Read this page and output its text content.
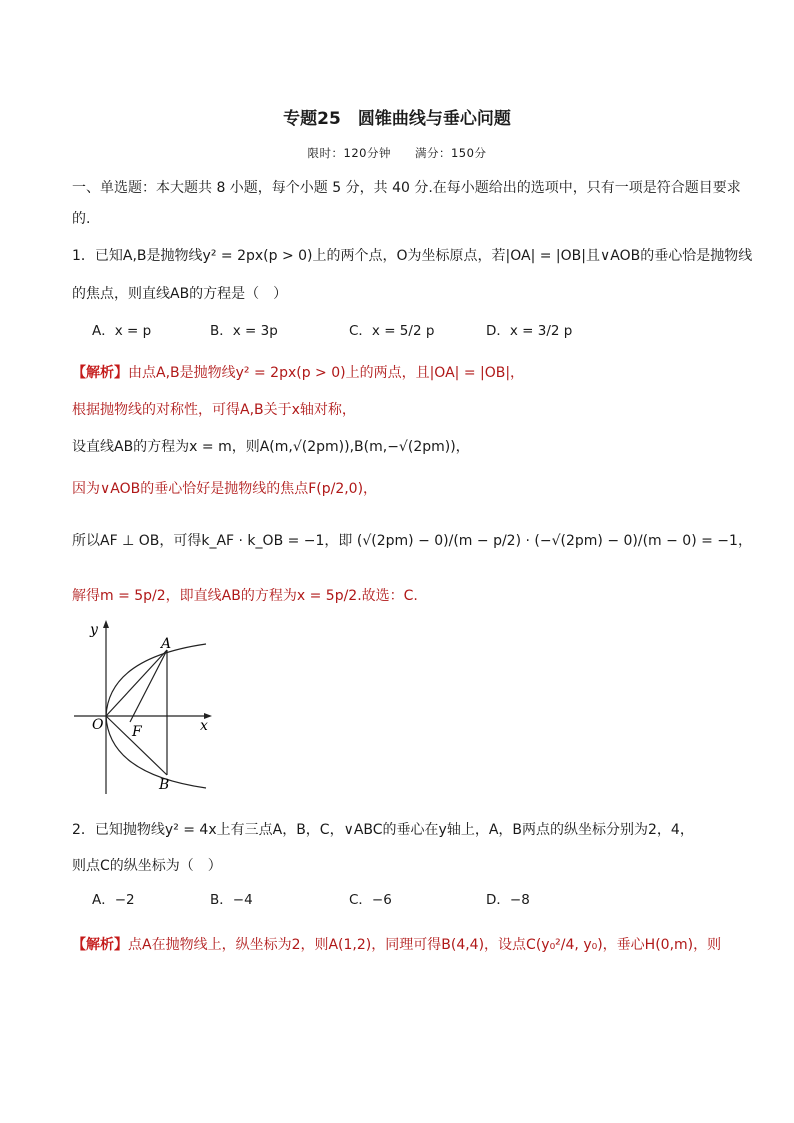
专题25　圆锥曲线与垂心问题
限时：120分钟　　满分：150分
一、单选题：本大题共 8 小题，每个小题 5 分，共 40 分.在每小题给出的选项中，只有一项是符合题目要求
的.
1．已知A,B是抛物线y² = 2px(p > 0)上的两个点，O为坐标原点，若|OA| = |OB|且∨AOB的垂心恰是抛物线
的焦点，则直线AB的方程是（　）
A．x = p	B．x = 3p	C．x = 5/2 p	D．x = 3/2 p
【解析】由点A,B是抛物线y² = 2px(p > 0)上的两点，且|OA| = |OB|，
根据抛物线的对称性，可得A,B关于x轴对称，
设直线AB的方程为x = m，则A(m,√(2pm)),B(m,−√(2pm))，
因为∨AOB的垂心恰好是抛物线的焦点F(p/2,0)，
所以AF ⊥ OB，可得k_AF · k_OB = −1，即 (√(2pm) − 0)/(m − p/2) · (−√(2pm) − 0)/(m − 0) = −1，
解得m = 5p/2，即直线AB的方程为x = 5p/2.故选：C.
y
x
O
A
B
F
2．已知抛物线y² = 4x上有三点A，B，C，∨ABC的垂心在y轴上，A，B两点的纵坐标分别为2，4，
则点C的纵坐标为（　）
A．−2	B．−4	C．−6	D．−8
【解析】点A在抛物线上，纵坐标为2，则A(1,2)，同理可得B(4,4)，设点C(y₀²/4, y₀)，垂心H(0,m)，则
